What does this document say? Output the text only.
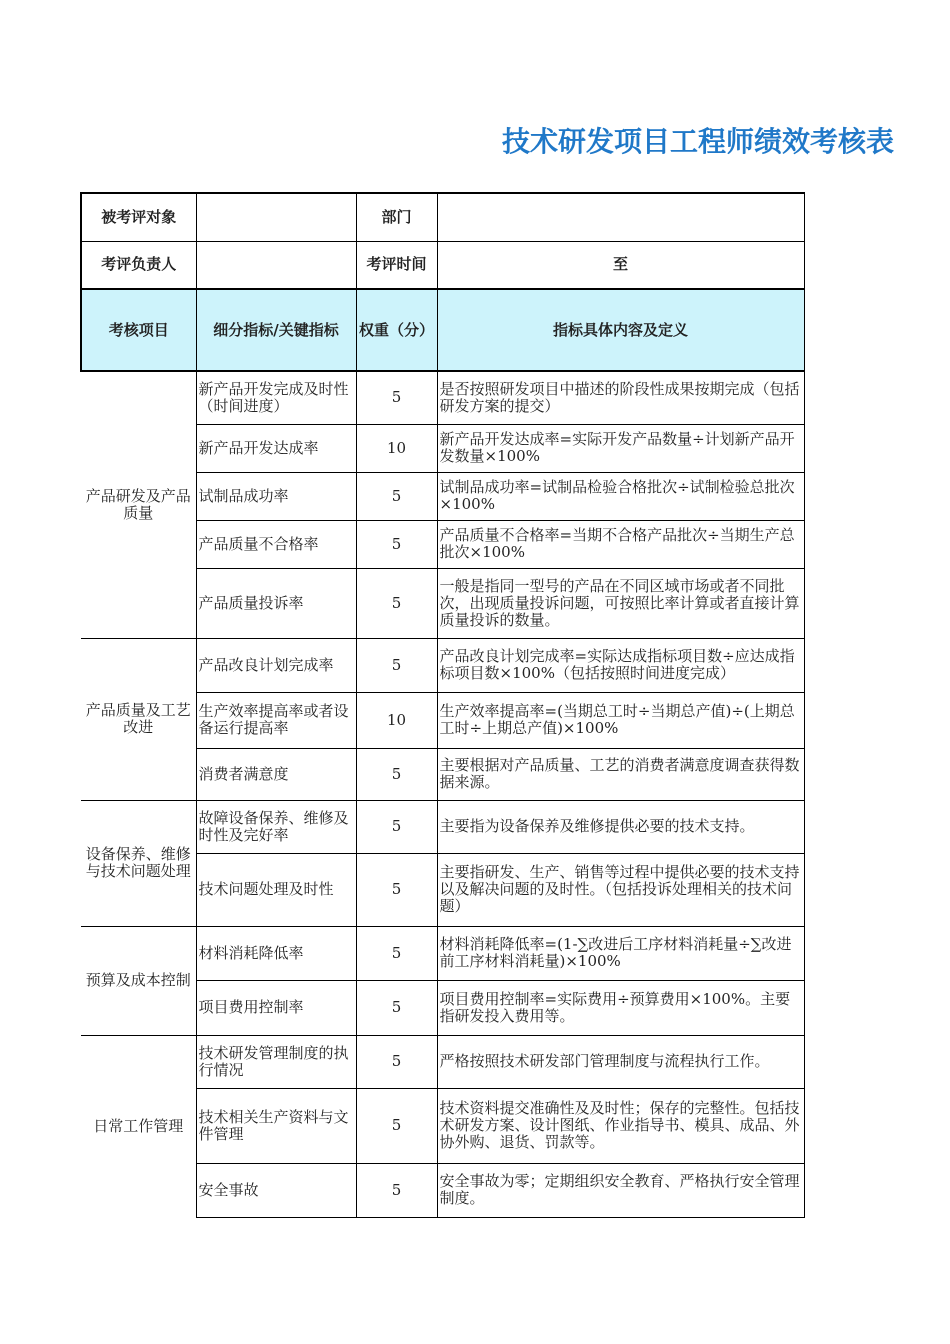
技术研发项目工程师绩效考核表
被考评对象		部门	
考评负责人		考评时间	至
考核项目	细分指标/关键指标	权重（分）	指标具体内容及定义
产品研发及产品质量	新产品开发完成及时性（时间进度）	5	是否按照研发项目中描述的阶段性成果按期完成（包括研发方案的提交）
	新产品开发达成率	10	新产品开发达成率=实际开发产品数量÷计划新产品开发数量×100%
	试制品成功率	5	试制品成功率=试制品检验合格批次÷试制检验总批次×100%
	产品质量不合格率	5	产品质量不合格率=当期不合格产品批次÷当期生产总批次×100%
	产品质量投诉率	5	一般是指同一型号的产品在不同区域市场或者不同批次，出现质量投诉问题，可按照比率计算或者直接计算质量投诉的数量。
产品质量及工艺改进	产品改良计划完成率	5	产品改良计划完成率=实际达成指标项目数÷应达成指标项目数×100%（包括按照时间进度完成）
	生产效率提高率或者设备运行提高率	10	生产效率提高率=(当期总工时÷当期总产值)÷(上期总工时÷上期总产值)×100%
	消费者满意度	5	主要根据对产品质量、工艺的消费者满意度调查获得数据来源。
设备保养、维修与技术问题处理	故障设备保养、维修及时性及完好率	5	主要指为设备保养及维修提供必要的技术支持。
	技术问题处理及时性	5	主要指研发、生产、销售等过程中提供必要的技术支持以及解决问题的及时性。（包括投诉处理相关的技术问题）
预算及成本控制	材料消耗降低率	5	材料消耗降低率=(1-∑改进后工序材料消耗量÷∑改进前工序材料消耗量)×100%
	项目费用控制率	5	项目费用控制率=实际费用÷预算费用×100%。主要指研发投入费用等。
日常工作管理	技术研发管理制度的执行情况	5	严格按照技术研发部门管理制度与流程执行工作。
	技术相关生产资料与文件管理	5	技术资料提交准确性及及时性；保存的完整性。包括技术研发方案、设计图纸、作业指导书、模具、成品、外协外购、退货、罚款等。
	安全事故	5	安全事故为零；定期组织安全教育、严格执行安全管理制度。
